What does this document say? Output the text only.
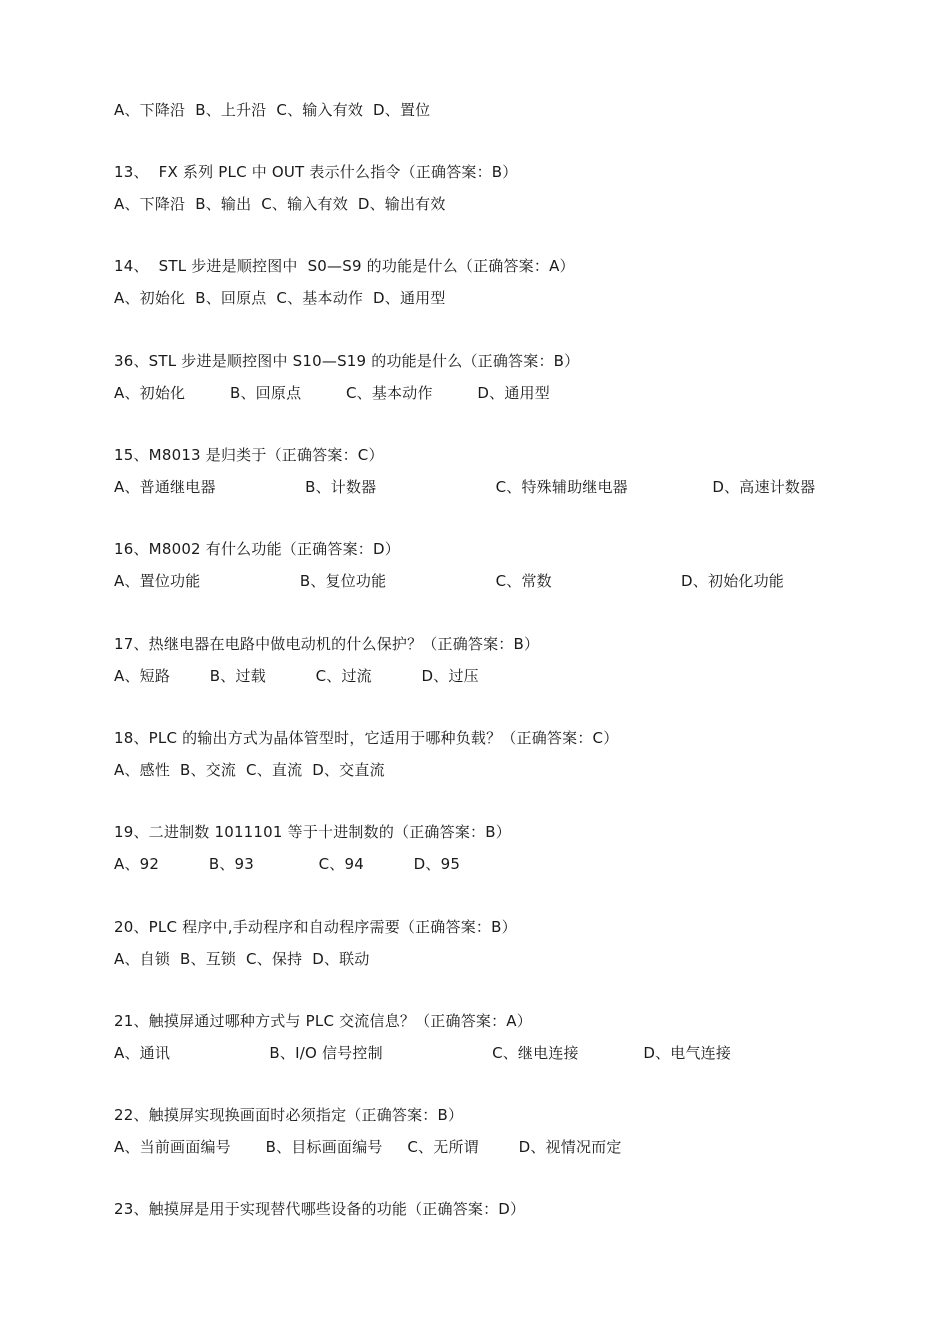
A、下降沿  B、上升沿  C、输入有效  D、置位
13、  FX 系列 PLC 中 OUT 表示什么指令（正确答案：B）
A、下降沿  B、输出  C、输入有效  D、输出有效
14、  STL 步进是顺控图中  S0—S9 的功能是什么（正确答案：A）
A、初始化  B、回原点  C、基本动作  D、通用型
36、STL 步进是顺控图中 S10—S19 的功能是什么（正确答案：B）
A、初始化         B、回原点         C、基本动作         D、通用型
15、M8013 是归类于（正确答案：C）
A、普通继电器                  B、计数器                        C、特殊辅助继电器                 D、高速计数器
16、M8002 有什么功能（正确答案：D）
A、置位功能                    B、复位功能                      C、常数                          D、初始化功能
17、热继电器在电路中做电动机的什么保护？（正确答案：B）
A、短路        B、过载          C、过流          D、过压
18、PLC 的输出方式为晶体管型时，它适用于哪种负载？（正确答案：C）
A、感性  B、交流  C、直流  D、交直流
19、二进制数 1011101 等于十进制数的（正确答案：B）
A、92          B、93             C、94          D、95
20、PLC 程序中,手动程序和自动程序需要（正确答案：B）
A、自锁  B、互锁  C、保持  D、联动
21、触摸屏通过哪种方式与 PLC 交流信息？（正确答案：A）
A、通讯                    B、I/O 信号控制                      C、继电连接             D、电气连接
22、触摸屏实现换画面时必须指定（正确答案：B）
A、当前画面编号       B、目标画面编号     C、无所谓        D、视情况而定
23、触摸屏是用于实现替代哪些设备的功能（正确答案：D）
